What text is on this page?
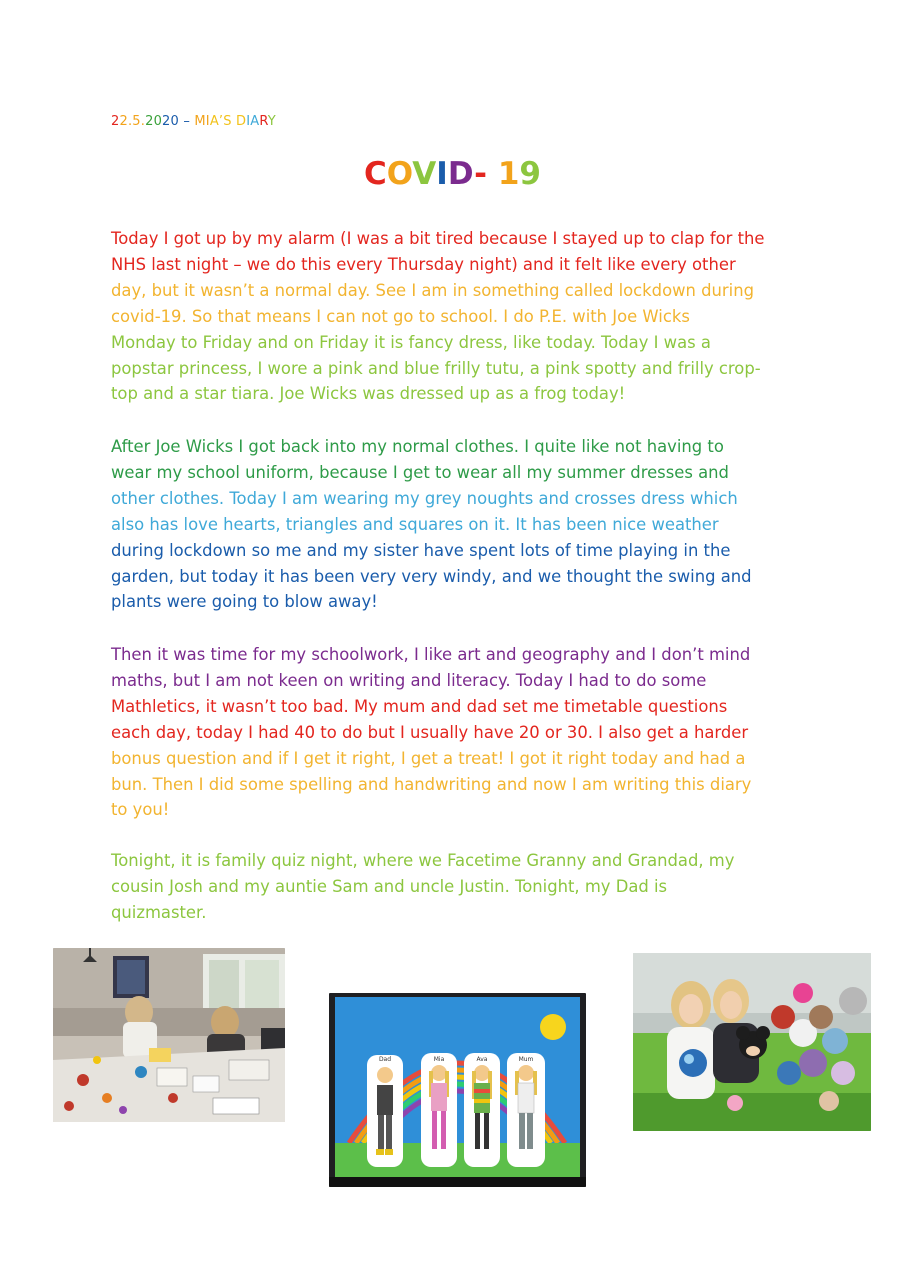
22.5.2020 – MIA’S DIARY
COVID- 19
Today I got up by my alarm (I was a bit tired because I stayed up to clap for the
NHS last night – we do this every Thursday night) and it felt like every other
day, but it wasn’t a normal day. See I am in something called lockdown during
covid-19. So that means I can not go to school. I do P.E. with Joe Wicks
Monday to Friday and on Friday it is fancy dress, like today. Today I was a
popstar princess, I wore a pink and blue frilly tutu, a pink spotty and frilly crop-
top and a star tiara. Joe Wicks was dressed up as a frog today!
After Joe Wicks I got back into my normal clothes. I quite like not having to
wear my school uniform, because I get to wear all my summer dresses and
other clothes. Today I am wearing my grey noughts and crosses dress which
also has love hearts, triangles and squares on it. It has been nice weather
during lockdown so me and my sister have spent lots of time playing in the
garden, but today it has been very very windy, and we thought the swing and
plants were going to blow away!
Then it was time for my schoolwork, I like art and geography and I don’t mind
maths, but I am not keen on writing and literacy. Today I had to do some
Mathletics, it wasn’t too bad. My mum and dad set me timetable questions
each day, today I had 40 to do but I usually have 20 or 30. I also get a harder
bonus question and if I get it right, I get a treat! I got it right today and had a
bun. Then I did some spelling and handwriting and now I am writing this diary
to you!
Tonight, it is family quiz night, where we Facetime Granny and Grandad, my
cousin Josh and my auntie Sam and uncle Justin. Tonight, my Dad is
quizmaster.
Dad	Mia	Ava	Mum
